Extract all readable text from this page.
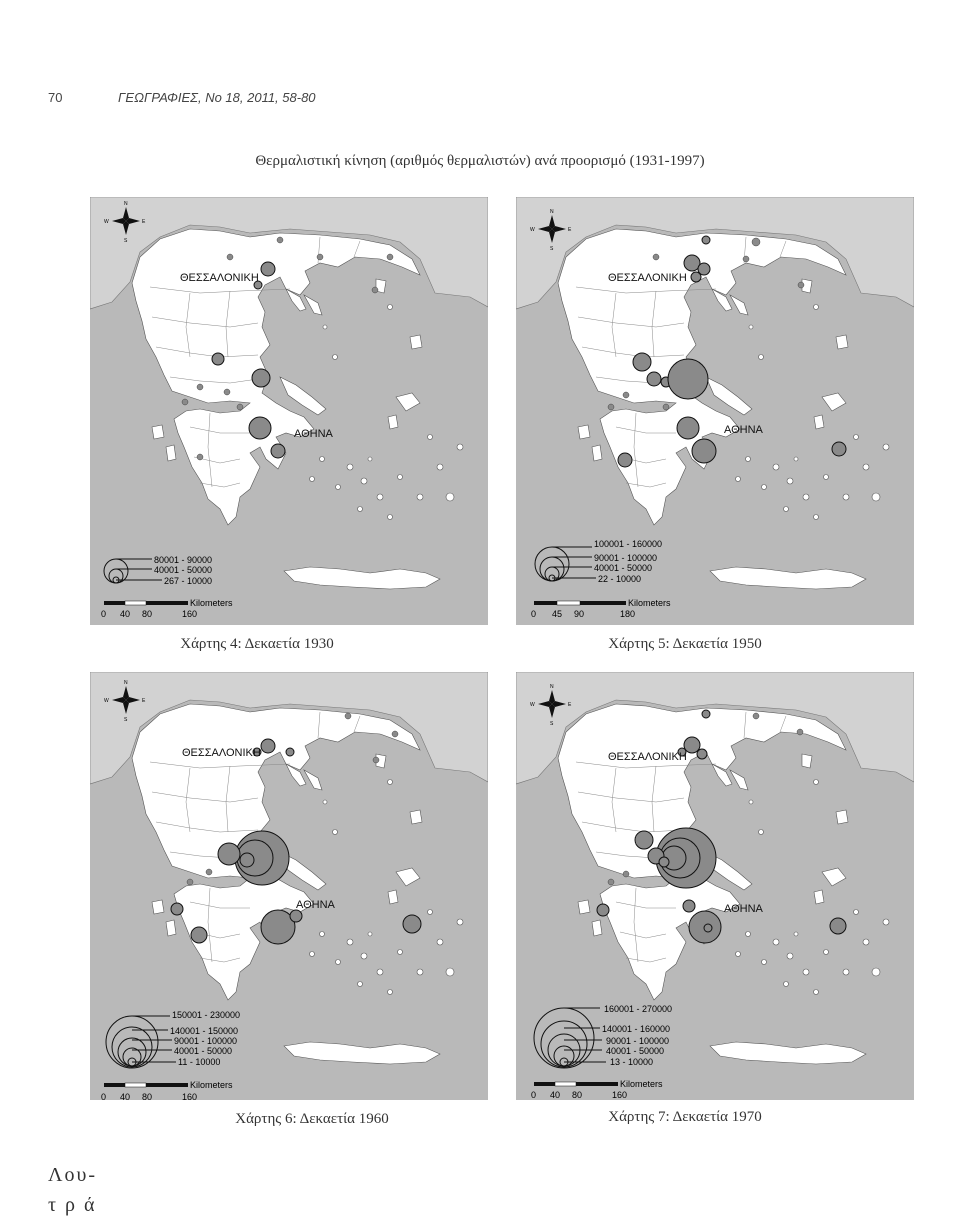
70	ΓΕΩΓΡΑΦΙΕΣ, Νο 18, 2011, 58-80
Θερμαλιστική κίνηση (αριθμός θερμαλιστών) ανά προορισμό (1931-1997)
ΘΕΣΣΑΛΟΝΙΚΗ
ΑΘΗΝΑ
80001 - 90000
40001 - 50000
267 - 10000
Kilometers
0 40 80	160
Χάρτης 4: Δεκαετία 1930
ΘΕΣΣΑΛΟΝΙΚΗ
ΑΘΗΝΑ
100001 - 160000
90001 - 100000
40001 - 50000
22 - 10000
Kilometers
0 45 90	180
Χάρτης 5: Δεκαετία 1950
ΘΕΣΣΑΛΟΝΙΚΗ
ΑΘΗΝΑ
150001 - 230000
140001 - 150000
90001 - 100000
40001 - 50000
11 - 10000
Kilometers
0 40 80	160
Χάρτης 6: Δεκαετία 1960
ΘΕΣΣΑΛΟΝΙΚΗ
ΑΘΗΝΑ
160001 - 270000
140001 - 160000
90001 - 100000
40001 - 50000
13 - 10000
Kilometers
0 40 80	160
Χάρτης 7: Δεκαετία 1970
Λου-
τ ρ ά
